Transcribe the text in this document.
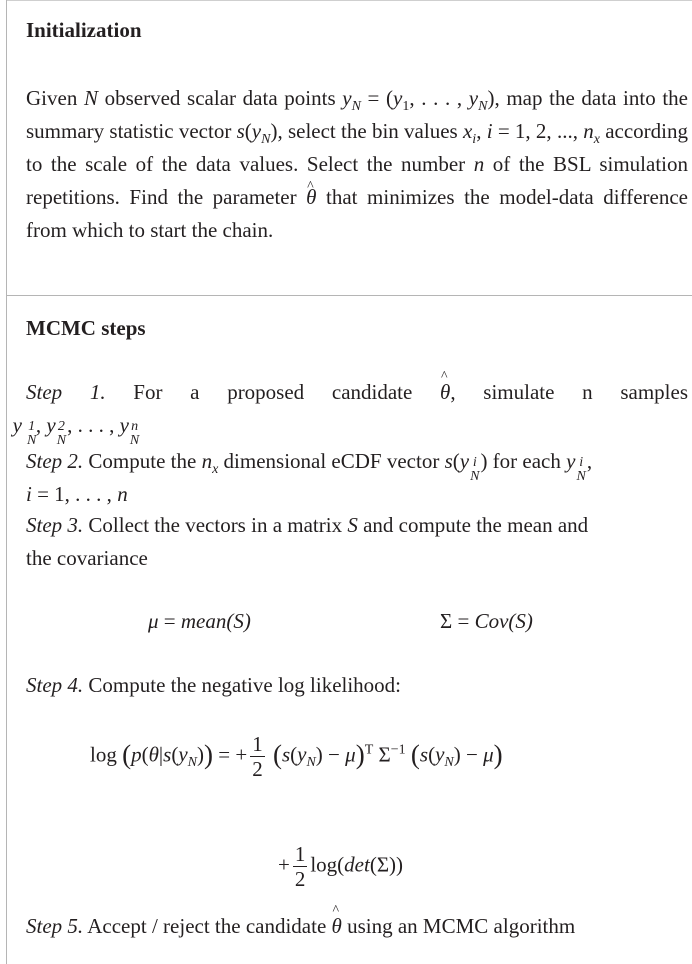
Initialization
Given N observed scalar data points $y_N = (y_1$, . . . , $y_N$), map the data into the summary statistic vector $s(y_N)$, select the bin values $x_i$, i = 1, 2, ..., $n_x$ according to the scale of the data values. Select the number n of the BSL simulation repetitions. Find the parameter ^ θ that minimizes the model-data difference from which to start the chain.
MCMC steps
Step 1. For a proposed candidate ^ θ, simulate n samples
1
N
y , y 2
N
, . . . , y n
N
Step 2. Compute the $n_x$ dimensional eCDF vector s(y i
N
) for each y i
N
,
i = 1, . . . , n
Step 3. Collect the vectors in a matrix S and compute the mean and
the covariance
μ = mean(S)	Σ = Cov(S)
Step 4. Compute the negative log likelihood:
$\log (p(\theta|s(y_N))$ = + $\frac{1}{2} (s(y_N) - \mu)^T$ $\Sigma^{-1}$ $(s(y_N) - \mu)$
+ $\frac{1}{2} \log(\det(\Sigma))$
Step 5. Accept / reject the candidate ^ θ using an MCMC algorithm
